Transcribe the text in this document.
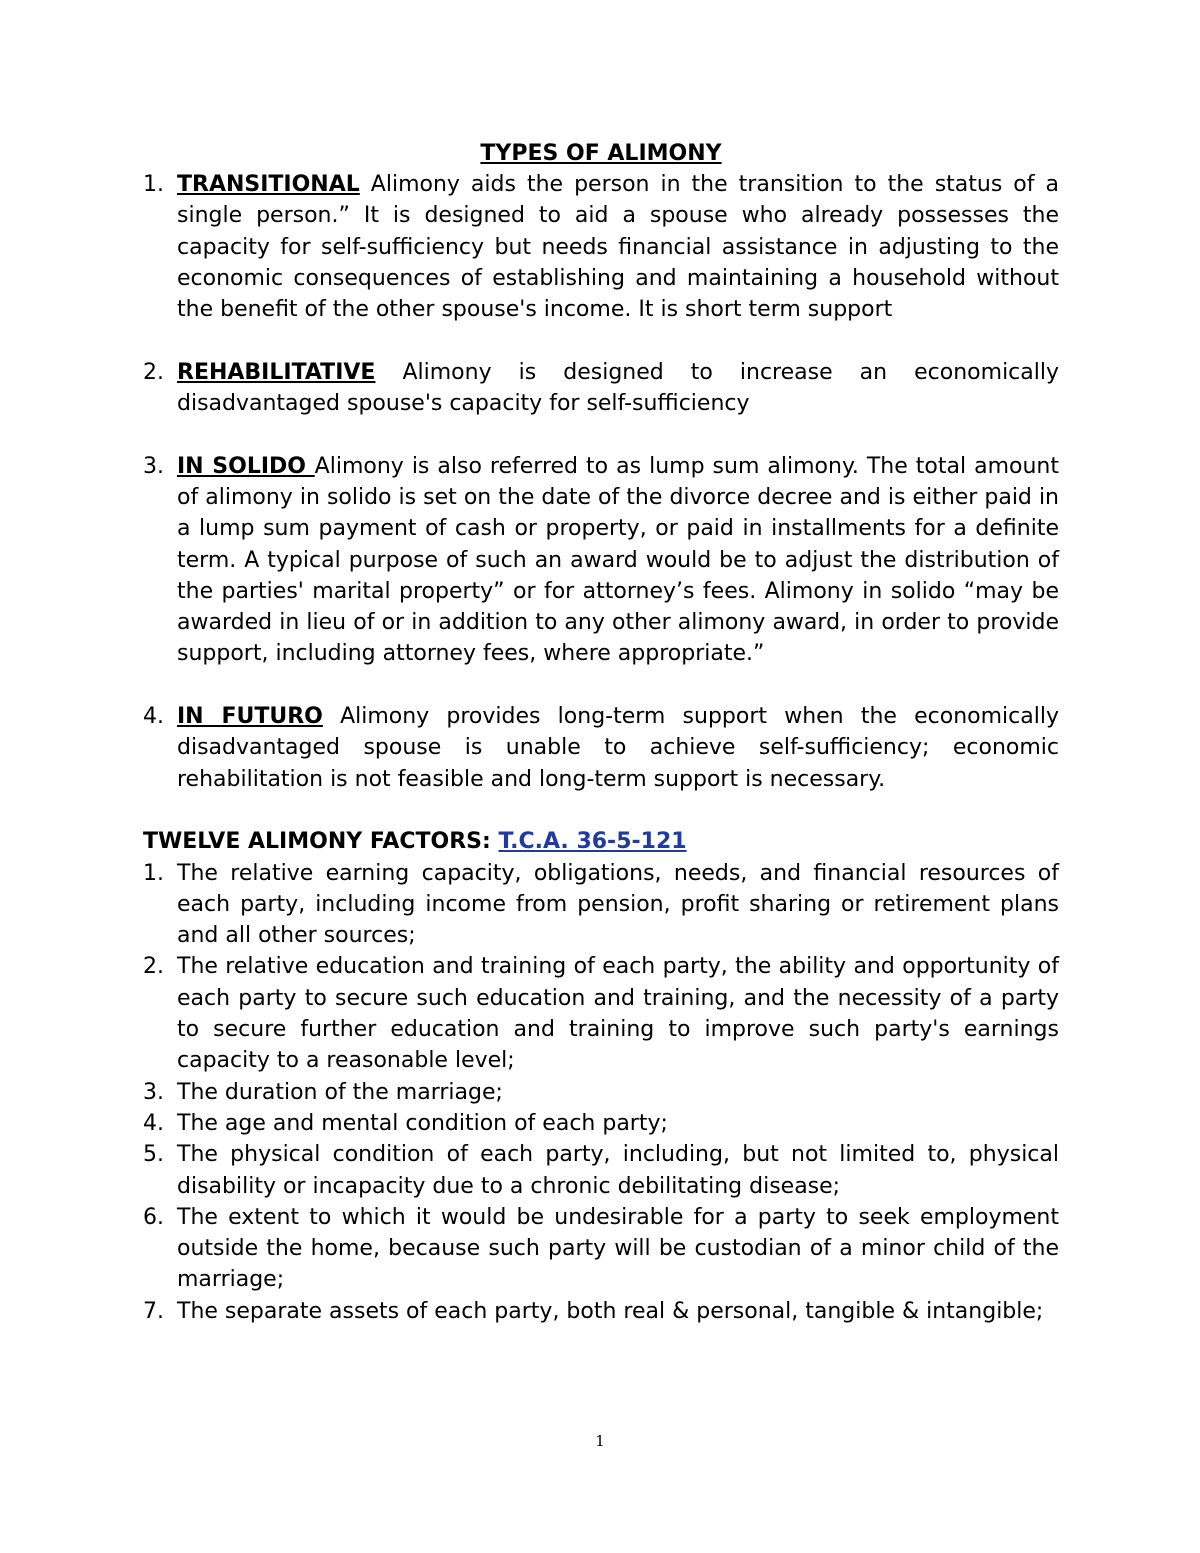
TYPES OF ALIMONY

1. TRANSITIONAL Alimony aids the person in the transition to the status of a single person.” It is designed to aid a spouse who already possesses the capacity for self-sufficiency but needs financial assistance in adjusting to the economic consequences of establishing and maintaining a household without the benefit of the other spouse's income. It is short term support
2. REHABILITATIVE Alimony is designed to increase an economically disadvantaged spouse's capacity for self-sufficiency
3. IN SOLIDO Alimony is also referred to as lump sum alimony. The total amount of alimony in solido is set on the date of the divorce decree and is either paid in a lump sum payment of cash or property, or paid in installments for a definite term. A typical purpose of such an award would be to adjust the distribution of the parties' marital property” or for attorney’s fees. Alimony in solido “may be awarded in lieu of or in addition to any other alimony award, in order to provide support, including attorney fees, where appropriate.”
4. IN FUTURO Alimony provides long-term support when the economically disadvantaged spouse is unable to achieve self-sufficiency; economic rehabilitation is not feasible and long-term support is necessary.

TWELVE ALIMONY FACTORS: T.C.A. 36-5-121

1. The relative earning capacity, obligations, needs, and financial resources of each party, including income from pension, profit sharing or retirement plans and all other sources;
2. The relative education and training of each party, the ability and opportunity of each party to secure such education and training, and the necessity of a party to secure further education and training to improve such party's earnings capacity to a reasonable level;
3. The duration of the marriage;
4. The age and mental condition of each party;
5. The physical condition of each party, including, but not limited to, physical disability or incapacity due to a chronic debilitating disease;
6. The extent to which it would be undesirable for a party to seek employment outside the home, because such party will be custodian of a minor child of the marriage;
7. The separate assets of each party, both real & personal, tangible & intangible;
1
